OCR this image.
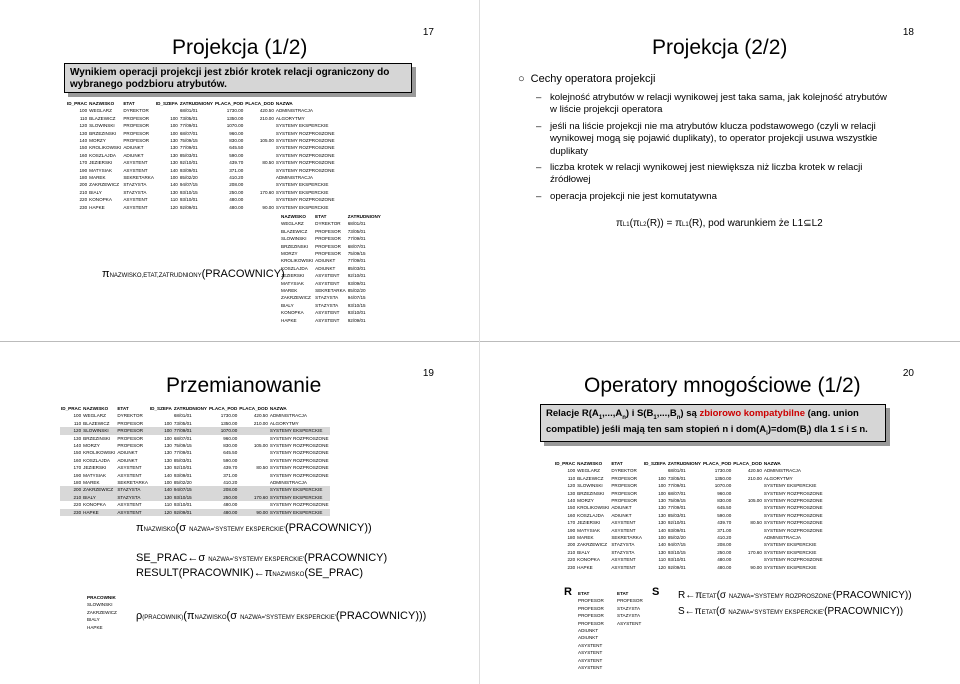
17
Projekcja (1/2)
Wynikiem operacji projekcji jest zbiór krotek relacji ograniczony do wybranego podzbioru atrybutów.
ID_PRAC	NAZWISKO	ETAT	ID_SZEFA	ZATRUDNIONY	PLACA_POD	PLACA_DOD	NAZWA
100	WEGLARZ	DYREKTOR		68/01/01	1730.00	420.50	ADMINISTRACJA
110	BLAZEWICZ	PROFESOR	100	73/05/01	1350.00	210.00	ALGORYTMY
120	SLOWINSKI	PROFESOR	100	77/09/01	1070.00		SYSTEMY EKSPERCKIE
130	BRZEZINSKI	PROFESOR	100	68/07/01	960.00		SYSTEMY ROZPROSZONE
140	MORZY	PROFESOR	130	75/09/15	830.00	105.00	SYSTEMY ROZPROSZONE
150	KROLIKOWSKI	ADIUNKT	130	77/09/01	645.50		SYSTEMY ROZPROSZONE
160	KOSZLAJDA	ADIUNKT	130	85/03/01	590.00		SYSTEMY ROZPROSZONE
170	JEZIERSKI	ASYSTENT	130	92/10/01	439.70	80.50	SYSTEMY ROZPROSZONE
190	MATYSIAK	ASYSTENT	140	93/09/01	371.00		SYSTEMY ROZPROSZONE
180	MAREK	SEKRETARKA	100	85/02/20	410.20		ADMINISTRACJA
200	ZAKRZEWICZ	STAZYSTA	140	94/07/15	208.00		SYSTEMY EKSPERCKIE
210	BIALY	STAZYSTA	130	93/10/15	250.00	170.60	SYSTEMY EKSPERCKIE
220	KONOPKA	ASYSTENT	110	93/10/01	480.00		SYSTEMY ROZPROSZONE
230	HAPKE	ASYSTENT	120	92/09/01	480.00	90.00	SYSTEMY EKSPERCKIE
NAZWISKO	ETAT	ZATRUDNIONY
WEGLARZ	DYREKTOR	68/01/01
BLAZEWICZ	PROFESOR	73/05/01
SLOWINSKI	PROFESOR	77/09/01
BRZEZINSKI	PROFESOR	68/07/01
MORZY	PROFESOR	75/09/15
KROLIKOWSKI	ADIUNKT	77/09/01
KOSZLAJDA	ADIUNKT	85/03/01
JEZIERSKI	ASYSTENT	92/10/01
MATYSIAK	ASYSTENT	93/09/01
MAREK	SEKRETARKA	85/02/20
ZAKRZEWICZ	STAZYSTA	94/07/15
BIALY	STAZYSTA	93/10/15
KONOPKA	ASYSTENT	93/10/01
HAPKE	ASYSTENT	92/09/01
πNAZWISKO,ETAT,ZATRUDNIONY(PRACOWNICY)
18
Projekcja (2/2)
○ Cechy operatora projekcji

– kolejność atrybutów w relacji wynikowej jest taka sama, jak kolejność atrybutów w liście projekcji operatora

– jeśli na liście projekcji nie ma atrybutów klucza podstawowego (czyli w relacji wynikowej mogą się pojawić duplikaty), to operator projekcji usuwa wszystkie duplikaty

– liczba krotek w relacji wynikowej jest niewiększa niż liczba krotek w relacji źródłowej

– operacja projekcji nie jest komutatywna

πL1(πL2(R)) = πL1(R), pod warunkiem że L1⊆L2
19
Przemianowanie
ID_PRAC	NAZWISKO	ETAT	ID_SZEFA	ZATRUDNIONY	PLACA_POD	PLACA_DOD	NAZWA
100	WEGLARZ	DYREKTOR		68/01/01	1730.00	420.50	ADMINISTRACJA
110	BLAZEWICZ	PROFESOR	100	73/05/01	1350.00	210.00	ALGORYTMY
120	SLOWINSKI	PROFESOR	100	77/09/01	1070.00		SYSTEMY EKSPERCKIE
130	BRZEZINSKI	PROFESOR	100	68/07/01	960.00		SYSTEMY ROZPROSZONE
140	MORZY	PROFESOR	130	75/09/15	830.00	105.00	SYSTEMY ROZPROSZONE
150	KROLIKOWSKI	ADIUNKT	130	77/09/01	645.50		SYSTEMY ROZPROSZONE
160	KOSZLAJDA	ADIUNKT	130	85/03/01	590.00		SYSTEMY ROZPROSZONE
170	JEZIERSKI	ASYSTENT	130	92/10/01	439.70	80.50	SYSTEMY ROZPROSZONE
190	MATYSIAK	ASYSTENT	140	93/09/01	371.00		SYSTEMY ROZPROSZONE
180	MAREK	SEKRETARKA	100	85/02/20	410.20		ADMINISTRACJA
200	ZAKRZEWICZ	STAZYSTA	140	94/07/15	208.00		SYSTEMY EKSPERCKIE
210	BIALY	STAZYSTA	130	93/10/15	250.00	170.60	SYSTEMY EKSPERCKIE
220	KONOPKA	ASYSTENT	110	93/10/01	480.00		SYSTEMY ROZPROSZONE
230	HAPKE	ASYSTENT	120	92/09/01	480.00	90.00	SYSTEMY EKSPERCKIE
πNAZWISKO(σ NAZWA='SYSTEMY EKSPERCKIE'(PRACOWNICY))
SE_PRAC←σ NAZWA='SYSTEMY EKSPERCKIE'(PRACOWNICY)
RESULT(PRACOWNIK)←πNAZWISKO(SE_PRAC)
PRACOWNIK
SLOWINSKI
ZAKRZEWICZ
BIALY
HAPKE
ρ(PRACOWNIK)(πNAZWISKO(σ NAZWA='SYSTEMY EKSPERCKIE'(PRACOWNICY)))
20
Operatory mnogościowe (1/2)
Relacje $R(A_1,...,A_n)$ i $S(B_1,...,B_n)$ są zbiorowo kompatybilne (ang. union compatible) jeśli mają ten sam stopień n i $dom(A_i)=dom(B_i)$ dla 1 ≤ i ≤ n.
ID_PRAC	NAZWISKO	ETAT	ID_SZEFA	ZATRUDNIONY	PLACA_POD	PLACA_DOD	NAZWA
100	WEGLARZ	DYREKTOR		68/01/01	1730.00	420.50	ADMINISTRACJA
110	BLAZEWICZ	PROFESOR	100	73/05/01	1350.00	210.00	ALGORYTMY
120	SLOWINSKI	PROFESOR	100	77/09/01	1070.00		SYSTEMY EKSPERCKIE
130	BRZEZINSKI	PROFESOR	100	68/07/01	960.00		SYSTEMY ROZPROSZONE
140	MORZY	PROFESOR	130	75/09/15	830.00	105.00	SYSTEMY ROZPROSZONE
150	KROLIKOWSKI	ADIUNKT	130	77/09/01	645.50		SYSTEMY ROZPROSZONE
160	KOSZLAJDA	ADIUNKT	130	85/03/01	590.00		SYSTEMY ROZPROSZONE
170	JEZIERSKI	ASYSTENT	130	92/10/01	439.70	80.50	SYSTEMY ROZPROSZONE
190	MATYSIAK	ASYSTENT	140	93/09/01	371.00		SYSTEMY ROZPROSZONE
180	MAREK	SEKRETARKA	100	85/02/20	410.20		ADMINISTRACJA
200	ZAKRZEWICZ	STAZYSTA	140	94/07/15	208.00		SYSTEMY EKSPERCKIE
210	BIALY	STAZYSTA	130	93/10/15	250.00	170.60	SYSTEMY EKSPERCKIE
220	KONOPKA	ASYSTENT	110	93/10/01	480.00		SYSTEMY ROZPROSZONE
230	HAPKE	ASYSTENT	120	92/09/01	480.00	90.00	SYSTEMY EKSPERCKIE
R ETAT
PROFESOR
PROFESOR
PROFESOR
PROFESOR
ADIUNKT
ADIUNKT
ASYSTENT
ASYSTENT
ASYSTENT
ASYSTENT
S
ETAT
PROFESOR
STAZYSTA
STAZYSTA
ASYSTENT
R←πETAT(σ NAZWA='SYSTEMY ROZPROSZONE'(PRACOWNICY))
S←πETAT(σ NAZWA='SYSTEMY EKSPERCKIE'(PRACOWNICY))
